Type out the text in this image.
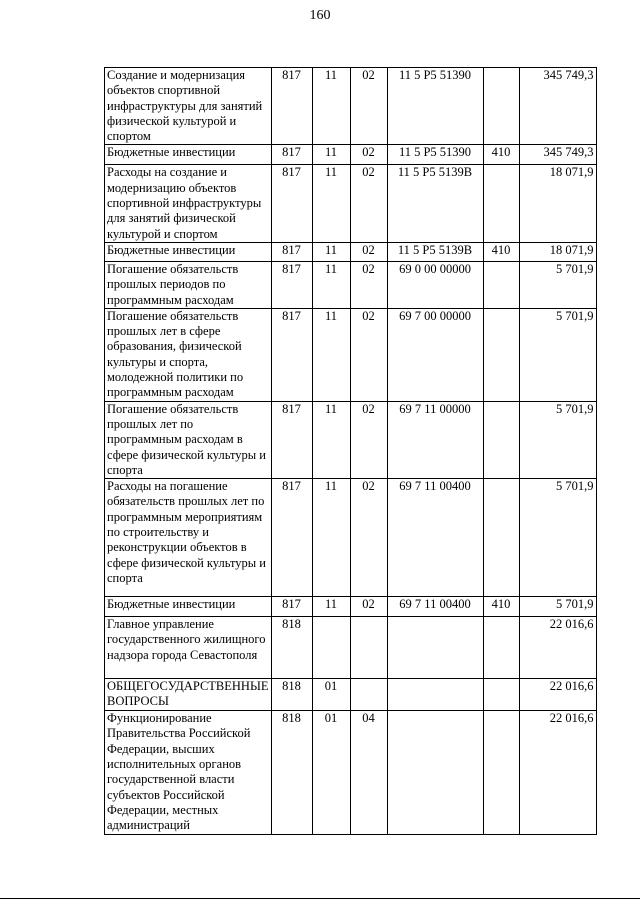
160
Создание и модернизация объектов спортивной инфраструктуры для занятий физической культурой и спортом	817	11	02	11 5 Р5 51390		345 749,3
Бюджетные инвестиции	817	11	02	11 5 Р5 51390	410	345 749,3
Расходы на создание и модернизацию объектов спортивной инфраструктуры для занятий физической культурой и спортом	817	11	02	11 5 Р5 5139В		18 071,9
Бюджетные инвестиции	817	11	02	11 5 Р5 5139В	410	18 071,9
Погашение обязательств прошлых периодов по программным расходам	817	11	02	69 0 00 00000		5 701,9
Погашение обязательств прошлых лет в сфере образования, физической культуры и спорта, молодежной политики по программным расходам	817	11	02	69 7 00 00000		5 701,9
Погашение обязательств прошлых лет по программным расходам в сфере физической культуры и спорта	817	11	02	69 7 11 00000		5 701,9
Расходы на погашение обязательств прошлых лет по программным мероприятиям по строительству и реконструкции объектов в сфере физической культуры и спорта	817	11	02	69 7 11 00400		5 701,9
Бюджетные инвестиции	817	11	02	69 7 11 00400	410	5 701,9
Главное управление государственного жилищного надзора города Севастополя	818					22 016,6
ОБЩЕГОСУДАРСТВЕННЫЕ ВОПРОСЫ	818	01				22 016,6
Функционирование Правительства Российской Федерации, высших исполнительных органов государственной власти субъектов Российской Федерации, местных администраций	818	01	04			22 016,6
